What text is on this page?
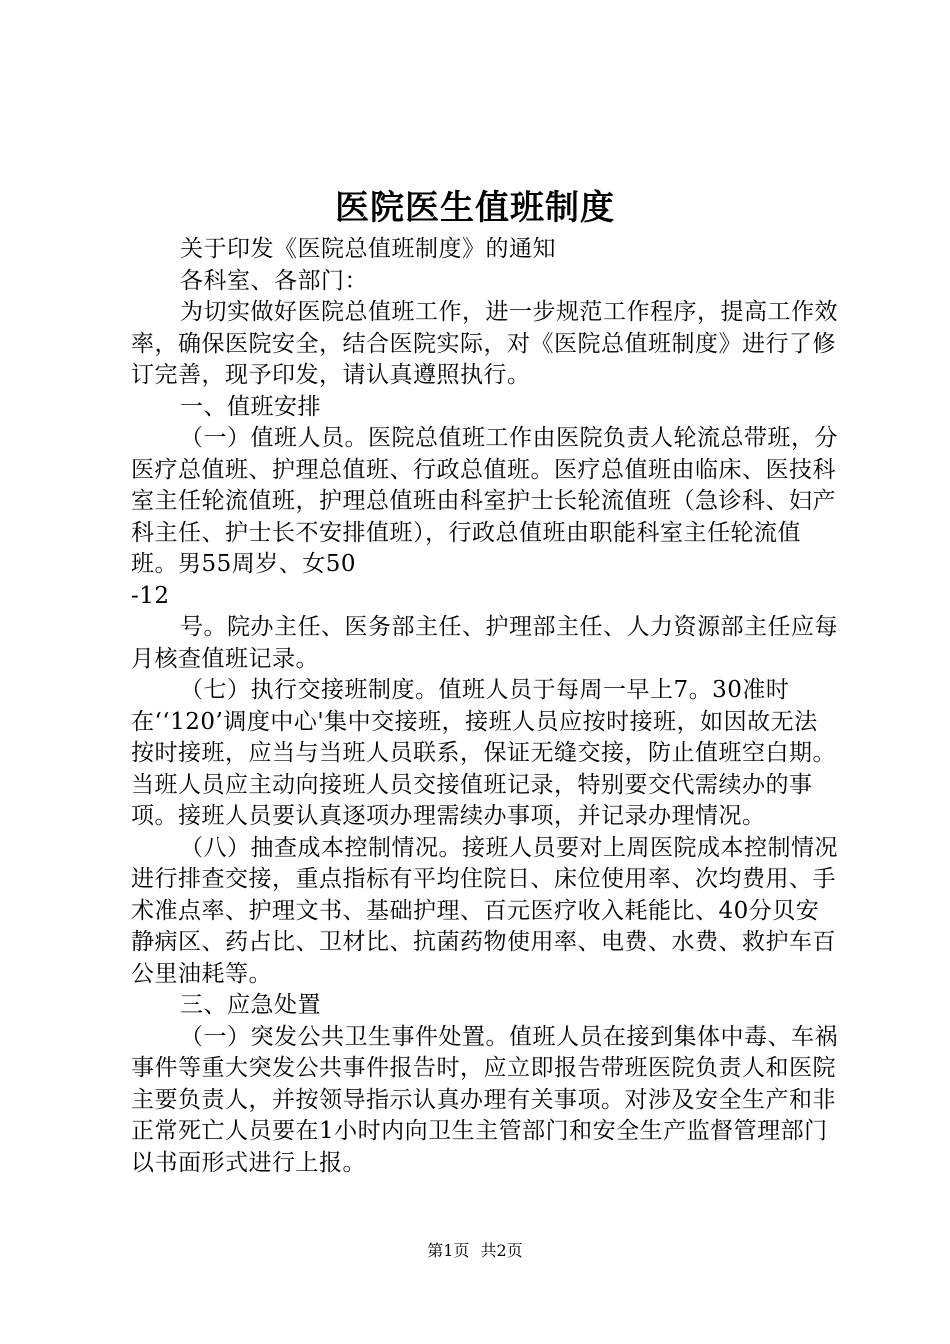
医院医生值班制度

关于印发《医院总值班制度》的通知

各科室、各部门：

为切实做好医院总值班工作，进一步规范工作程序，提高工作效率，确保医院安全，结合医院实际，对《医院总值班制度》进行了修订完善，现予印发，请认真遵照执行。

一、值班安排

（一）值班人员。医院总值班工作由医院负责人轮流总带班，分医疗总值班、护理总值班、行政总值班。医疗总值班由临床、医技科室主任轮流值班，护理总值班由科室护士长轮流值班（急诊科、妇产科主任、护士长不安排值班），行政总值班由职能科室主任轮流值班。男55周岁、女50

-12

号。院办主任、医务部主任、护理部主任、人力资源部主任应每月核查值班记录。

（七）执行交接班制度。值班人员于每周一早上7。30准时在‘‘120’调度中心'集中交接班，接班人员应按时接班，如因故无法按时接班，应当与当班人员联系，保证无缝交接，防止值班空白期。当班人员应主动向接班人员交接值班记录，特别要交代需续办的事项。接班人员要认真逐项办理需续办事项，并记录办理情况。

（八）抽查成本控制情况。接班人员要对上周医院成本控制情况进行排查交接，重点指标有平均住院日、床位使用率、次均费用、手术准点率、护理文书、基础护理、百元医疗收入耗能比、40分贝安静病区、药占比、卫材比、抗菌药物使用率、电费、水费、救护车百公里油耗等。

三、应急处置

（一）突发公共卫生事件处置。值班人员在接到集体中毒、车祸事件等重大突发公共事件报告时，应立即报告带班医院负责人和医院主要负责人，并按领导指示认真办理有关事项。对涉及安全生产和非正常死亡人员要在1小时内向卫生主管部门和安全生产监督管理部门以书面形式进行上报。

第1页 共2页
